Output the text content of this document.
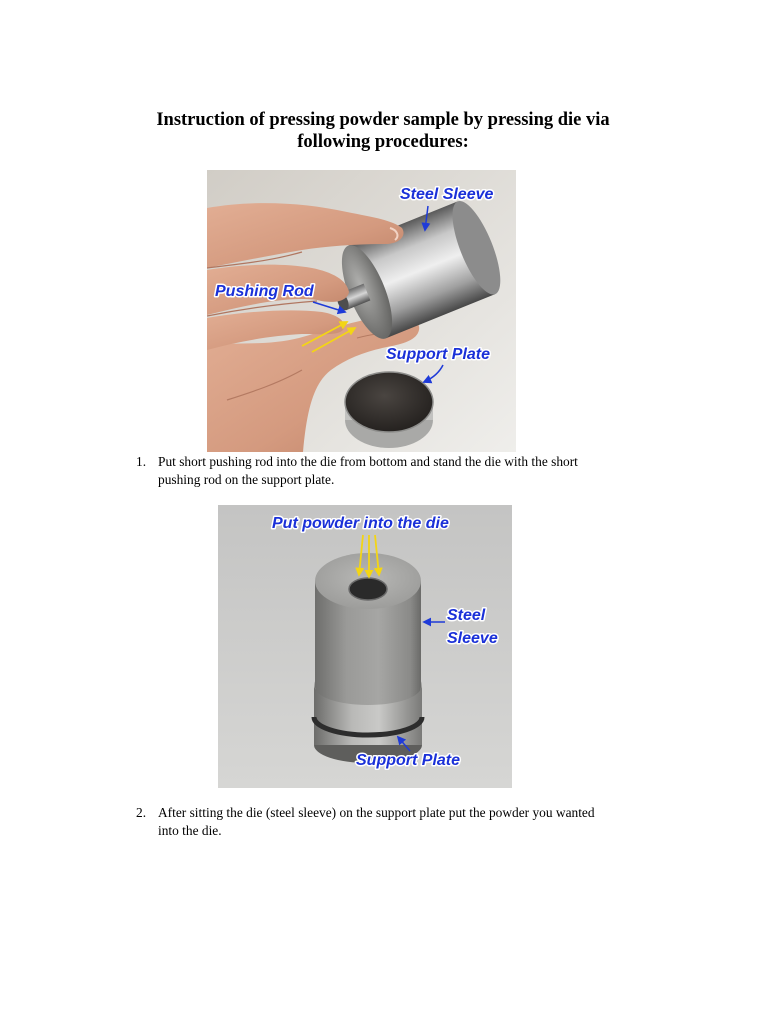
Instruction of pressing powder sample by pressing die via
following procedures:
Steel Sleeve
Pushing Rod
Support Plate
1. Put short pushing rod into the die from bottom and stand the die with the short
pushing rod on the support plate.
Put powder into the die
Steel
Sleeve
Support Plate
2. After sitting the die (steel sleeve) on the support plate put the powder you wanted
into the die.
